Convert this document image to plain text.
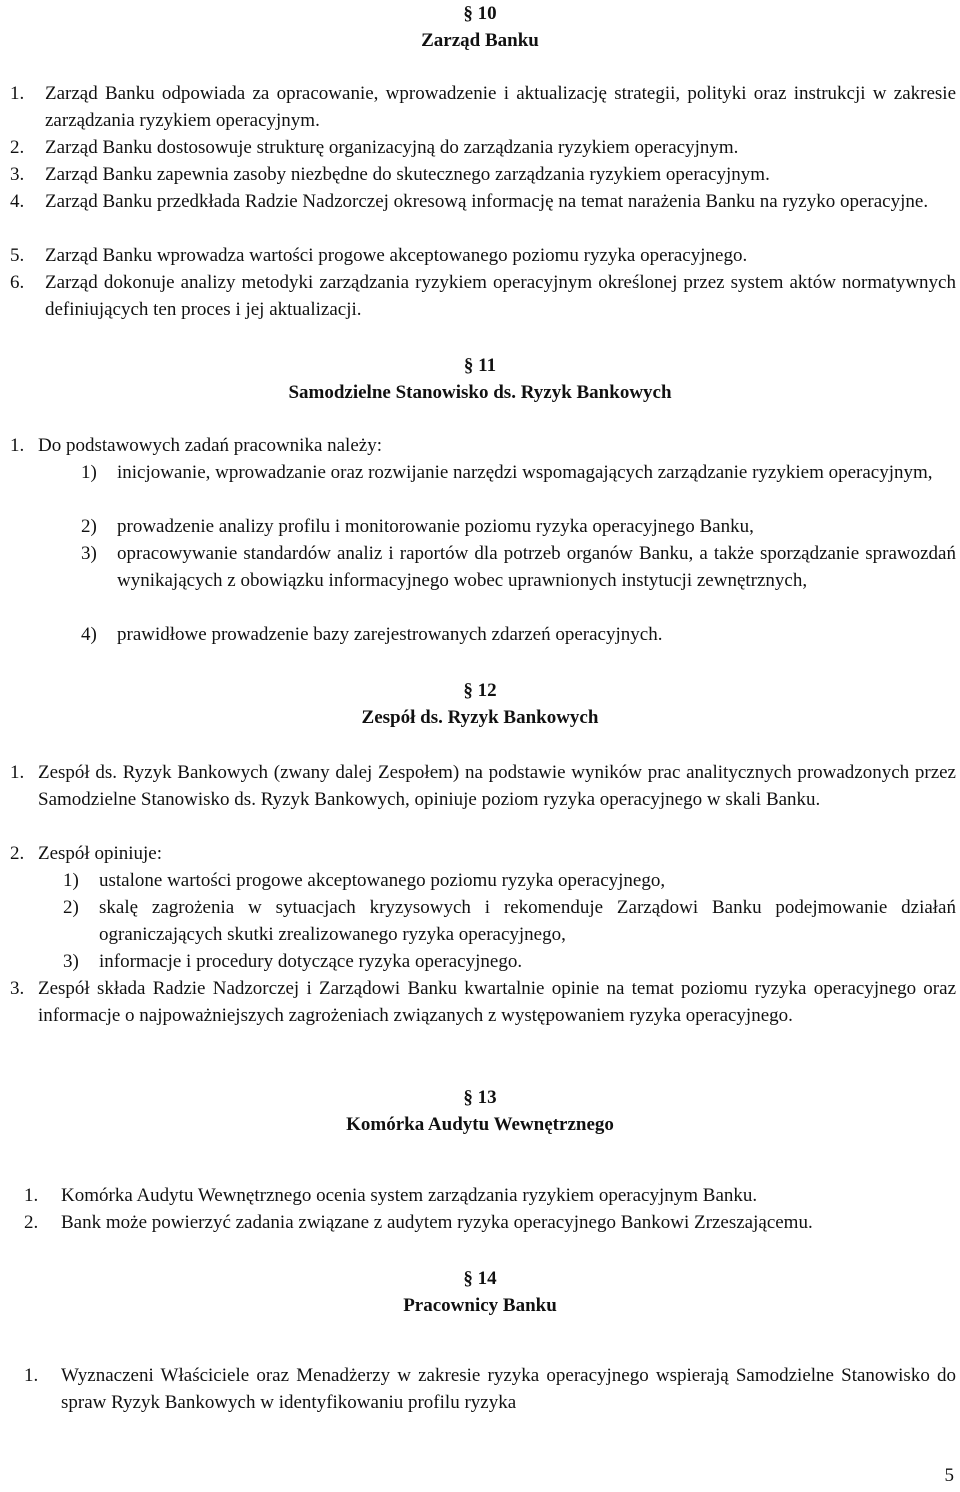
§ 10
Zarząd Banku
1. Zarząd Banku odpowiada za opracowanie, wprowadzenie i aktualizację strategii, polityki oraz instrukcji w zakresie zarządzania ryzykiem operacyjnym.
2. Zarząd Banku dostosowuje strukturę organizacyjną do zarządzania ryzykiem operacyjnym.
3. Zarząd Banku zapewnia zasoby niezbędne do skutecznego zarządzania ryzykiem operacyjnym.
4. Zarząd Banku przedkłada Radzie Nadzorczej okresową informację na temat narażenia Banku na ryzyko operacyjne.
5. Zarząd Banku wprowadza wartości progowe akceptowanego poziomu ryzyka operacyjnego.
6. Zarząd dokonuje analizy metodyki zarządzania ryzykiem operacyjnym określonej przez system aktów normatywnych definiujących ten proces i jej aktualizacji.
§ 11
Samodzielne Stanowisko ds. Ryzyk Bankowych
1. Do podstawowych zadań pracownika należy:
1) inicjowanie, wprowadzanie oraz rozwijanie narzędzi wspomagających zarządzanie ryzykiem operacyjnym,
2) prowadzenie analizy profilu i monitorowanie poziomu ryzyka operacyjnego Banku,
3) opracowywanie standardów analiz i raportów dla potrzeb organów Banku, a także sporządzanie sprawozdań wynikających z obowiązku informacyjnego wobec uprawnionych instytucji zewnętrznych,
4) prawidłowe prowadzenie bazy zarejestrowanych zdarzeń operacyjnych.
§ 12
Zespół ds. Ryzyk Bankowych
1. Zespół ds. Ryzyk Bankowych (zwany dalej Zespołem) na podstawie wyników prac analitycznych prowadzonych przez Samodzielne Stanowisko ds. Ryzyk Bankowych, opiniuje poziom ryzyka operacyjnego w skali Banku.
2. Zespół opiniuje:
1) ustalone wartości progowe akceptowanego poziomu ryzyka operacyjnego,
2) skalę zagrożenia w sytuacjach kryzysowych i rekomenduje Zarządowi Banku podejmowanie działań ograniczających skutki zrealizowanego ryzyka operacyjnego,
3) informacje i procedury dotyczące ryzyka operacyjnego.
3. Zespół składa Radzie Nadzorczej i Zarządowi Banku kwartalnie opinie na temat poziomu ryzyka operacyjnego oraz informacje o najpoważniejszych zagrożeniach związanych z występowaniem ryzyka operacyjnego.
§ 13
Komórka Audytu Wewnętrznego
1. Komórka Audytu Wewnętrznego ocenia system zarządzania ryzykiem operacyjnym Banku.
2. Bank może powierzyć zadania związane z audytem ryzyka operacyjnego Bankowi Zrzeszającemu.
§ 14
Pracownicy Banku
1. Wyznaczeni Właściciele oraz Menadżerzy w zakresie ryzyka operacyjnego wspierają Samodzielne Stanowisko do spraw Ryzyk Bankowych w identyfikowaniu profilu ryzyka
5
